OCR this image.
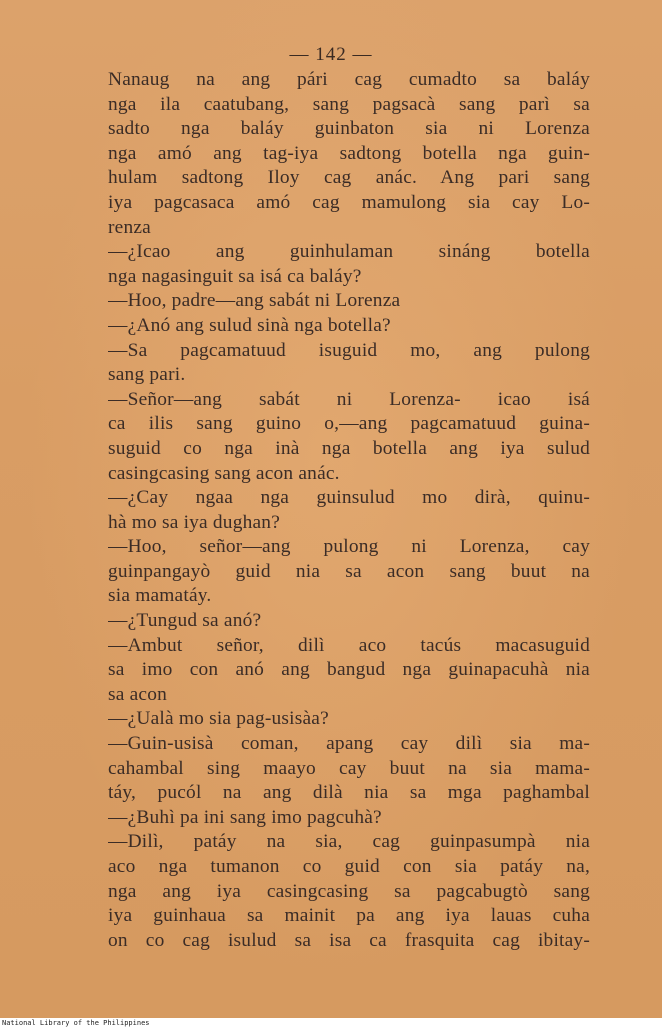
— 142 —
Nanaug na ang pári cag cumadto sa baláy
nga ila caatubang, sang pagsacà sang parì sa
sadto nga baláy guinbaton sia ni Lorenza
nga amó ang tag-iya sadtong botella nga guin-
hulam sadtong Iloy cag anác. Ang pari sang
iya pagcasaca amó cag mamulong sia cay Lo-
renza
—¿Icao ang guinhulaman sináng botella
nga nagasinguit sa isá ca baláy?
—Hoo, padre—ang sabát ni Lorenza
—¿Anó ang sulud sinà nga botella?
—Sa pagcamatuud isuguid mo, ang pulong
sang pari.
—Señor—ang sabát ni Lorenza- icao isá
ca ilis sang guino o,—ang pagcamatuud guina-
suguid co nga inà nga botella ang iya sulud
casingcasing sang acon anác.
—¿Cay ngaa nga guinsulud mo dirà, quinu-
hà mo sa iya dughan?
—Hoo, señor—ang pulong ni Lorenza, cay
guinpangayò guid nia sa acon sang buut na
sia mamatáy.
—¿Tungud sa anó?
—Ambut señor, dilì aco tacús macasuguid
sa imo con anó ang bangud nga guinapacuhà nia
sa acon
—¿Ualà mo sia pag-usisàa?
—Guin-usisà coman, apang cay dilì sia ma-
cahambal sing maayo cay buut na sia mama-
táy, pucól na ang dilà nia sa mga paghambal
—¿Buhì pa ini sang imo pagcuhà?
—Dilì, patáy na sia, cag guinpasumpà nia
aco nga tumanon co guid con sia patáy na,
nga ang iya casingcasing sa pagcabugtò sang
iya guinhaua sa mainit pa ang iya lauas cuha
on co cag isulud sa isa ca frasquita cag ibitay-
National Library of the Philippines
